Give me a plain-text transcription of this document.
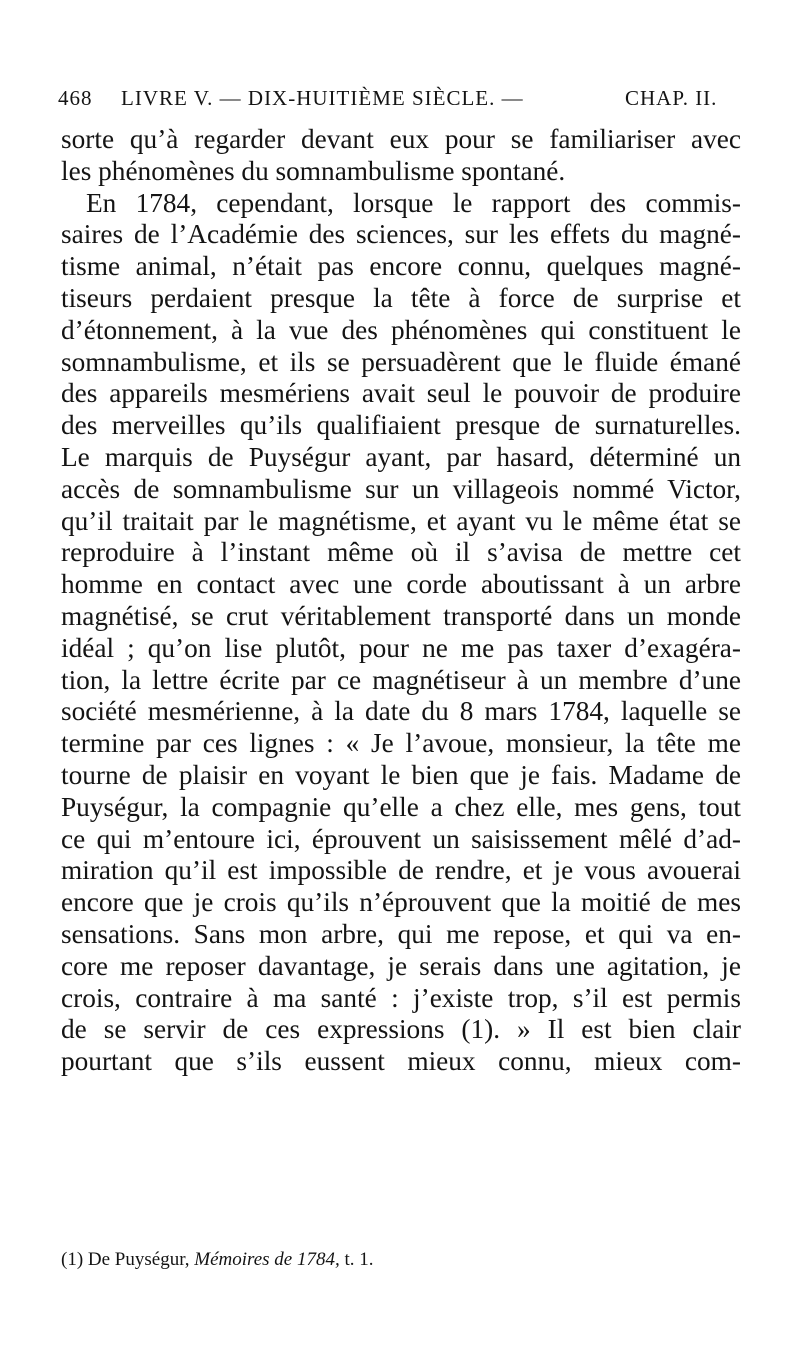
468 LIVRE V. — DIX-HUITIÈME SIÈCLE. —	CHAP. II.
sorte qu’à regarder devant eux pour se familiariser avec
les phénomènes du somnambulisme spontané.
En 1784, cependant, lorsque le rapport des commis-
saires de l’Académie des sciences, sur les effets du magné-
tisme animal, n’était pas encore connu, quelques magné-
tiseurs perdaient presque la tête à force de surprise et
d’étonnement, à la vue des phénomènes qui constituent le
somnambulisme, et ils se persuadèrent que le fluide émané
des appareils mesmériens avait seul le pouvoir de produire
des merveilles qu’ils qualifiaient presque de surnaturelles.
Le marquis de Puységur ayant, par hasard, déterminé un
accès de somnambulisme sur un villageois nommé Victor,
qu’il traitait par le magnétisme, et ayant vu le même état se
reproduire à l’instant même où il s’avisa de mettre cet
homme en contact avec une corde aboutissant à un arbre
magnétisé, se crut véritablement transporté dans un monde
idéal ; qu’on lise plutôt, pour ne me pas taxer d’exagéra-
tion, la lettre écrite par ce magnétiseur à un membre d’une
société mesmérienne, à la date du 8 mars 1784, laquelle se
termine par ces lignes : « Je l’avoue, monsieur, la tête me
tourne de plaisir en voyant le bien que je fais. Madame de
Puységur, la compagnie qu’elle a chez elle, mes gens, tout
ce qui m’entoure ici, éprouvent un saisissement mêlé d’ad-
miration qu’il est impossible de rendre, et je vous avouerai
encore que je crois qu’ils n’éprouvent que la moitié de mes
sensations. Sans mon arbre, qui me repose, et qui va en-
core me reposer davantage, je serais dans une agitation, je
crois, contraire à ma santé : j’existe trop, s’il est permis
de se servir de ces expressions (1). » Il est bien clair
pourtant que s’ils eussent mieux connu, mieux com-
(1) De Puységur, Mémoires de 1784, t. 1.
